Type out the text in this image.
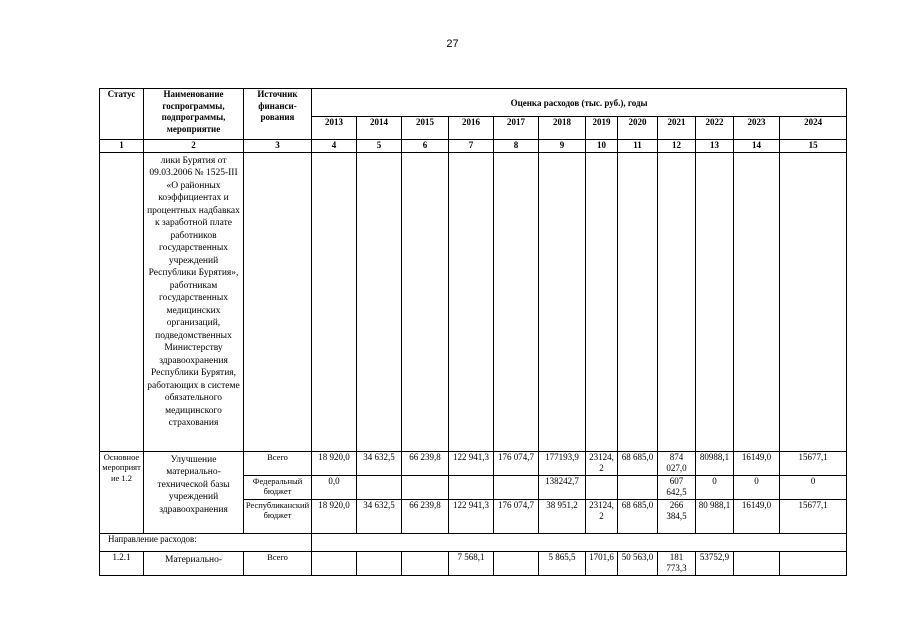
27
Статус	Наименование госпрограммы, подпрограммы, мероприятие	Источник финанси-рования	Оценка расходов (тыс. руб.), годы											
			2013	2014	2015	2016	2017	2018	2019	2020	2021	2022	2023	2024
1	2	3	4	5	6	7	8	9	10	11	12	13	14	15
	лики Бурятия от 09.03.2006 № 1525-III «О районных коэффициентах и процентных надбавках к заработной плате работников государственных учреждений Республики Бурятия», работникам государственных медицинских организаций, подведомственных Министерству здравоохранения Республики Бурятия, работающих в системе обязательного медицинского страхования													
Основное мероприятие 1.2	Улучшение материально-технической базы учреждений здравоохранения	Всего	18 920,0	34 632,5	66 239,8	122 941,3	176 074,7	177193,9	23124,2	68 685,0	874 027,0	80988,1	16149,0	15677,1
		Федеральный бюджет	0,0					138242,7			607 642,5	0	0	0
		Республиканский бюджет	18 920,0	34 632,5	66 239,8	122 941,3	176 074,7	38 951,2	23124,2	68 685,0	266 384,5	80 988,1	16149,0	15677,1
Направление расходов:														
1.2.1	Материально-	Всего				7 568,1		5 865,5	1701,6	50 563,0	181 773,3	53752,9		
